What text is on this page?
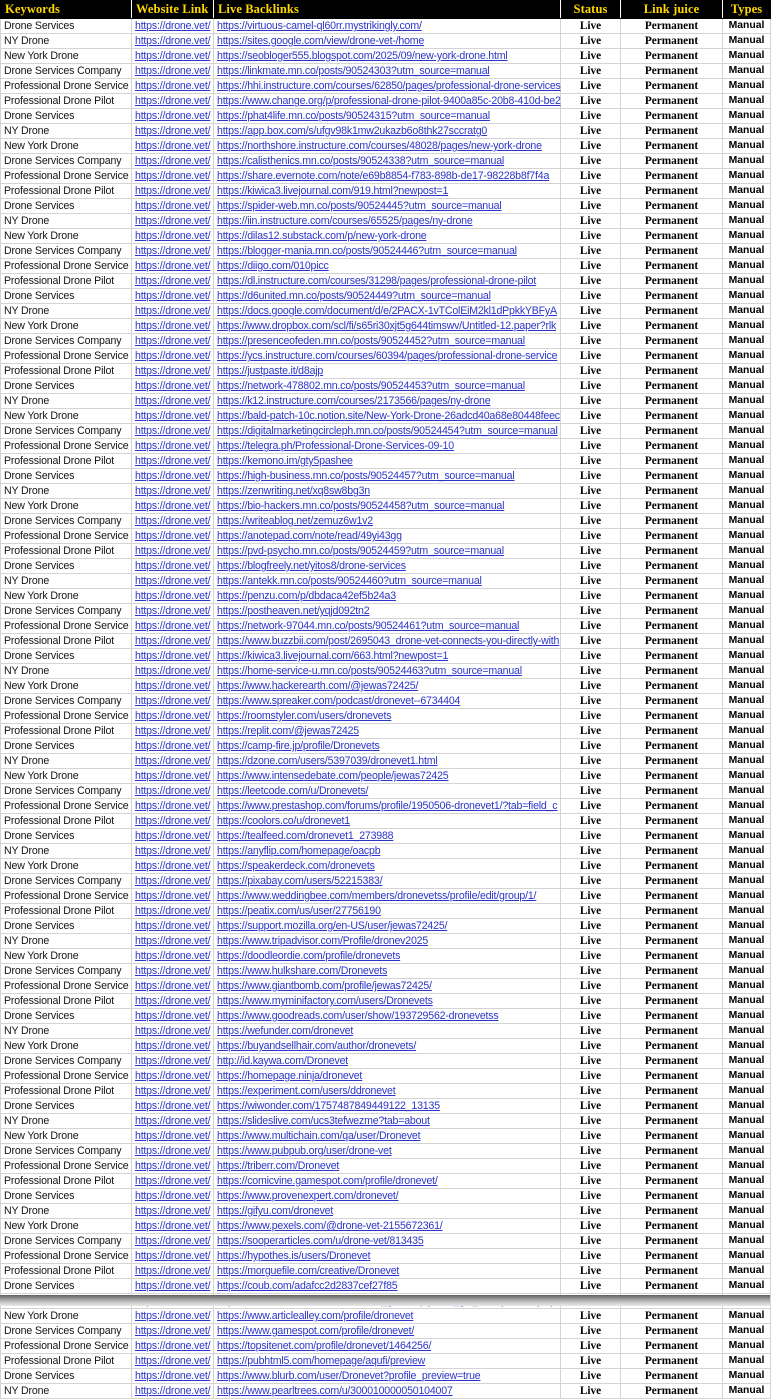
Keywords	Website Link	Live Backlinks	Status	Link juice	Types
Drone Services	https://drone.vet/	https://virtuous-camel-ql60rr.mystrikingly.com/	Live	Permanent	Manual
NY Drone	https://drone.vet/	https://sites.google.com/view/drone-vet-/home	Live	Permanent	Manual
New York Drone	https://drone.vet/	https://seobloger555.blogspot.com/2025/09/new-york-drone.html	Live	Permanent	Manual
Drone Services Company	https://drone.vet/	https://linkmate.mn.co/posts/90524303?utm_source=manual	Live	Permanent	Manual
Professional Drone Service	https://drone.vet/	https://hhi.instructure.com/courses/62850/pages/professional-drone-services	Live	Permanent	Manual
Professional Drone Pilot	https://drone.vet/	https://www.change.org/p/professional-drone-pilot-9400a85c-20b8-410d-be2	Live	Permanent	Manual
Drone Services	https://drone.vet/	https://phat4life.mn.co/posts/90524315?utm_source=manual	Live	Permanent	Manual
NY Drone	https://drone.vet/	https://app.box.com/s/ufgv98k1mw2ukazb6o8thk27sccratg0	Live	Permanent	Manual
New York Drone	https://drone.vet/	https://northshore.instructure.com/courses/48028/pages/new-york-drone	Live	Permanent	Manual
Drone Services Company	https://drone.vet/	https://calisthenics.mn.co/posts/90524338?utm_source=manual	Live	Permanent	Manual
Professional Drone Service	https://drone.vet/	https://share.evernote.com/note/e69b8854-f783-898b-de17-98228b8f7f4a	Live	Permanent	Manual
Professional Drone Pilot	https://drone.vet/	https://kiwica3.livejournal.com/919.html?newpost=1	Live	Permanent	Manual
Drone Services	https://drone.vet/	https://spider-web.mn.co/posts/90524445?utm_source=manual	Live	Permanent	Manual
NY Drone	https://drone.vet/	https://iin.instructure.com/courses/65525/pages/ny-drone	Live	Permanent	Manual
New York Drone	https://drone.vet/	https://dilas12.substack.com/p/new-york-drone	Live	Permanent	Manual
Drone Services Company	https://drone.vet/	https://blogger-mania.mn.co/posts/90524446?utm_source=manual	Live	Permanent	Manual
Professional Drone Service	https://drone.vet/	https://diigo.com/010picc	Live	Permanent	Manual
Professional Drone Pilot	https://drone.vet/	https://dl.instructure.com/courses/31298/pages/professional-drone-pilot	Live	Permanent	Manual
Drone Services	https://drone.vet/	https://d6united.mn.co/posts/90524449?utm_source=manual	Live	Permanent	Manual
NY Drone	https://drone.vet/	https://docs.google.com/document/d/e/2PACX-1vTColEiM2kl1dPpkkYBFyA	Live	Permanent	Manual
New York Drone	https://drone.vet/	https://www.dropbox.com/scl/fi/s65ri30xjt5g644timswv/Untitled-12.paper?rlk	Live	Permanent	Manual
Drone Services Company	https://drone.vet/	https://presenceofeden.mn.co/posts/90524452?utm_source=manual	Live	Permanent	Manual
Professional Drone Service	https://drone.vet/	https://ycs.instructure.com/courses/60394/pages/professional-drone-service	Live	Permanent	Manual
Professional Drone Pilot	https://drone.vet/	https://justpaste.it/d8ajp	Live	Permanent	Manual
Drone Services	https://drone.vet/	https://network-478802.mn.co/posts/90524453?utm_source=manual	Live	Permanent	Manual
NY Drone	https://drone.vet/	https://k12.instructure.com/courses/2173566/pages/ny-drone	Live	Permanent	Manual
New York Drone	https://drone.vet/	https://bald-patch-10c.notion.site/New-York-Drone-26adcd40a68e80448feec	Live	Permanent	Manual
Drone Services Company	https://drone.vet/	https://digitalmarketingcircleph.mn.co/posts/90524454?utm_source=manual	Live	Permanent	Manual
Professional Drone Service	https://drone.vet/	https://telegra.ph/Professional-Drone-Services-09-10	Live	Permanent	Manual
Professional Drone Pilot	https://drone.vet/	https://kemono.im/gty5pashee	Live	Permanent	Manual
Drone Services	https://drone.vet/	https://high-business.mn.co/posts/90524457?utm_source=manual	Live	Permanent	Manual
NY Drone	https://drone.vet/	https://zenwriting.net/xq8sw8bg3n	Live	Permanent	Manual
New York Drone	https://drone.vet/	https://bio-hackers.mn.co/posts/90524458?utm_source=manual	Live	Permanent	Manual
Drone Services Company	https://drone.vet/	https://writeablog.net/zemuz6w1v2	Live	Permanent	Manual
Professional Drone Service	https://drone.vet/	https://anotepad.com/note/read/49yi43gg	Live	Permanent	Manual
Professional Drone Pilot	https://drone.vet/	https://pvd-psycho.mn.co/posts/90524459?utm_source=manual	Live	Permanent	Manual
Drone Services	https://drone.vet/	https://blogfreely.net/yitos8/drone-services	Live	Permanent	Manual
NY Drone	https://drone.vet/	https://antekk.mn.co/posts/90524460?utm_source=manual	Live	Permanent	Manual
New York Drone	https://drone.vet/	https://penzu.com/p/dbdaca42ef5b24a3	Live	Permanent	Manual
Drone Services Company	https://drone.vet/	https://postheaven.net/yqjd092tn2	Live	Permanent	Manual
Professional Drone Service	https://drone.vet/	https://network-97044.mn.co/posts/90524461?utm_source=manual	Live	Permanent	Manual
Professional Drone Pilot	https://drone.vet/	https://www.buzzbii.com/post/2695043_drone-vet-connects-you-directly-with	Live	Permanent	Manual
Drone Services	https://drone.vet/	https://kiwica3.livejournal.com/663.html?newpost=1	Live	Permanent	Manual
NY Drone	https://drone.vet/	https://home-service-u.mn.co/posts/90524463?utm_source=manual	Live	Permanent	Manual
New York Drone	https://drone.vet/	https://www.hackerearth.com/@jewas72425/	Live	Permanent	Manual
Drone Services Company	https://drone.vet/	https://www.spreaker.com/podcast/dronevet--6734404	Live	Permanent	Manual
Professional Drone Service	https://drone.vet/	https://roomstyler.com/users/dronevets	Live	Permanent	Manual
Professional Drone Pilot	https://drone.vet/	https://replit.com/@jewas72425	Live	Permanent	Manual
Drone Services	https://drone.vet/	https://camp-fire.jp/profile/Dronevets	Live	Permanent	Manual
NY Drone	https://drone.vet/	https://dzone.com/users/5397039/dronevet1.html	Live	Permanent	Manual
New York Drone	https://drone.vet/	https://www.intensedebate.com/people/jewas72425	Live	Permanent	Manual
Drone Services Company	https://drone.vet/	https://leetcode.com/u/Dronevets/	Live	Permanent	Manual
Professional Drone Service	https://drone.vet/	https://www.prestashop.com/forums/profile/1950506-dronevet1/?tab=field_c	Live	Permanent	Manual
Professional Drone Pilot	https://drone.vet/	https://coolors.co/u/dronevet1	Live	Permanent	Manual
Drone Services	https://drone.vet/	https://tealfeed.com/dronevet1_273988	Live	Permanent	Manual
NY Drone	https://drone.vet/	https://anyflip.com/homepage/oacpb	Live	Permanent	Manual
New York Drone	https://drone.vet/	https://speakerdeck.com/dronevets	Live	Permanent	Manual
Drone Services Company	https://drone.vet/	https://pixabay.com/users/52215383/	Live	Permanent	Manual
Professional Drone Service	https://drone.vet/	https://www.weddingbee.com/members/dronevetss/profile/edit/group/1/	Live	Permanent	Manual
Professional Drone Pilot	https://drone.vet/	https://peatix.com/us/user/27756190	Live	Permanent	Manual
Drone Services	https://drone.vet/	https://support.mozilla.org/en-US/user/jewas72425/	Live	Permanent	Manual
NY Drone	https://drone.vet/	https://www.tripadvisor.com/Profile/dronev2025	Live	Permanent	Manual
New York Drone	https://drone.vet/	https://doodleordie.com/profile/dronevets	Live	Permanent	Manual
Drone Services Company	https://drone.vet/	https://www.hulkshare.com/Dronevets	Live	Permanent	Manual
Professional Drone Service	https://drone.vet/	https://www.giantbomb.com/profile/jewas72425/	Live	Permanent	Manual
Professional Drone Pilot	https://drone.vet/	https://www.myminifactory.com/users/Dronevets	Live	Permanent	Manual
Drone Services	https://drone.vet/	https://www.goodreads.com/user/show/193729562-dronevetss	Live	Permanent	Manual
NY Drone	https://drone.vet/	https://wefunder.com/dronevet	Live	Permanent	Manual
New York Drone	https://drone.vet/	https://buyandsellhair.com/author/dronevets/	Live	Permanent	Manual
Drone Services Company	https://drone.vet/	http://id.kaywa.com/Dronevet	Live	Permanent	Manual
Professional Drone Service	https://drone.vet/	https://homepage.ninja/dronevet	Live	Permanent	Manual
Professional Drone Pilot	https://drone.vet/	https://experiment.com/users/ddronevet	Live	Permanent	Manual
Drone Services	https://drone.vet/	https://wiwonder.com/1757487849449122_13135	Live	Permanent	Manual
NY Drone	https://drone.vet/	https://slideslive.com/ucs3tefwezme?tab=about	Live	Permanent	Manual
New York Drone	https://drone.vet/	https://www.multichain.com/qa/user/Dronevet	Live	Permanent	Manual
Drone Services Company	https://drone.vet/	https://www.pubpub.org/user/drone-vet	Live	Permanent	Manual
Professional Drone Service	https://drone.vet/	https://triberr.com/Dronevet	Live	Permanent	Manual
Professional Drone Pilot	https://drone.vet/	https://comicvine.gamespot.com/profile/dronevet/	Live	Permanent	Manual
Drone Services	https://drone.vet/	https://www.provenexpert.com/dronevet/	Live	Permanent	Manual
NY Drone	https://drone.vet/	https://gifyu.com/dronevet	Live	Permanent	Manual
New York Drone	https://drone.vet/	https://www.pexels.com/@drone-vet-2155672361/	Live	Permanent	Manual
Drone Services Company	https://drone.vet/	https://sooperarticles.com/u/drone-vet/813435	Live	Permanent	Manual
Professional Drone Service	https://drone.vet/	https://hypothes.is/users/Dronevet	Live	Permanent	Manual
Professional Drone Pilot	https://drone.vet/	https://morguefile.com/creative/Dronevet	Live	Permanent	Manual
Drone Services	https://drone.vet/	https://coub.com/adafcc2d2837cef27f85	Live	Permanent	Manual

New York Drone	https://drone.vet/	https://www.articlealley.com/profile/dronevet	Live	Permanent	Manual
Drone Services Company	https://drone.vet/	https://www.gamespot.com/profile/dronevet/	Live	Permanent	Manual
Professional Drone Service	https://drone.vet/	https://topsitenet.com/profile/dronevet/1464256/	Live	Permanent	Manual
Professional Drone Pilot	https://drone.vet/	https://pubhtml5.com/homepage/aqufi/preview	Live	Permanent	Manual
Drone Services	https://drone.vet/	https://www.blurb.com/user/Dronevet?profile_preview=true	Live	Permanent	Manual
NY Drone	https://drone.vet/	https://www.pearltrees.com/u/300010000050104007	Live	Permanent	Manual
